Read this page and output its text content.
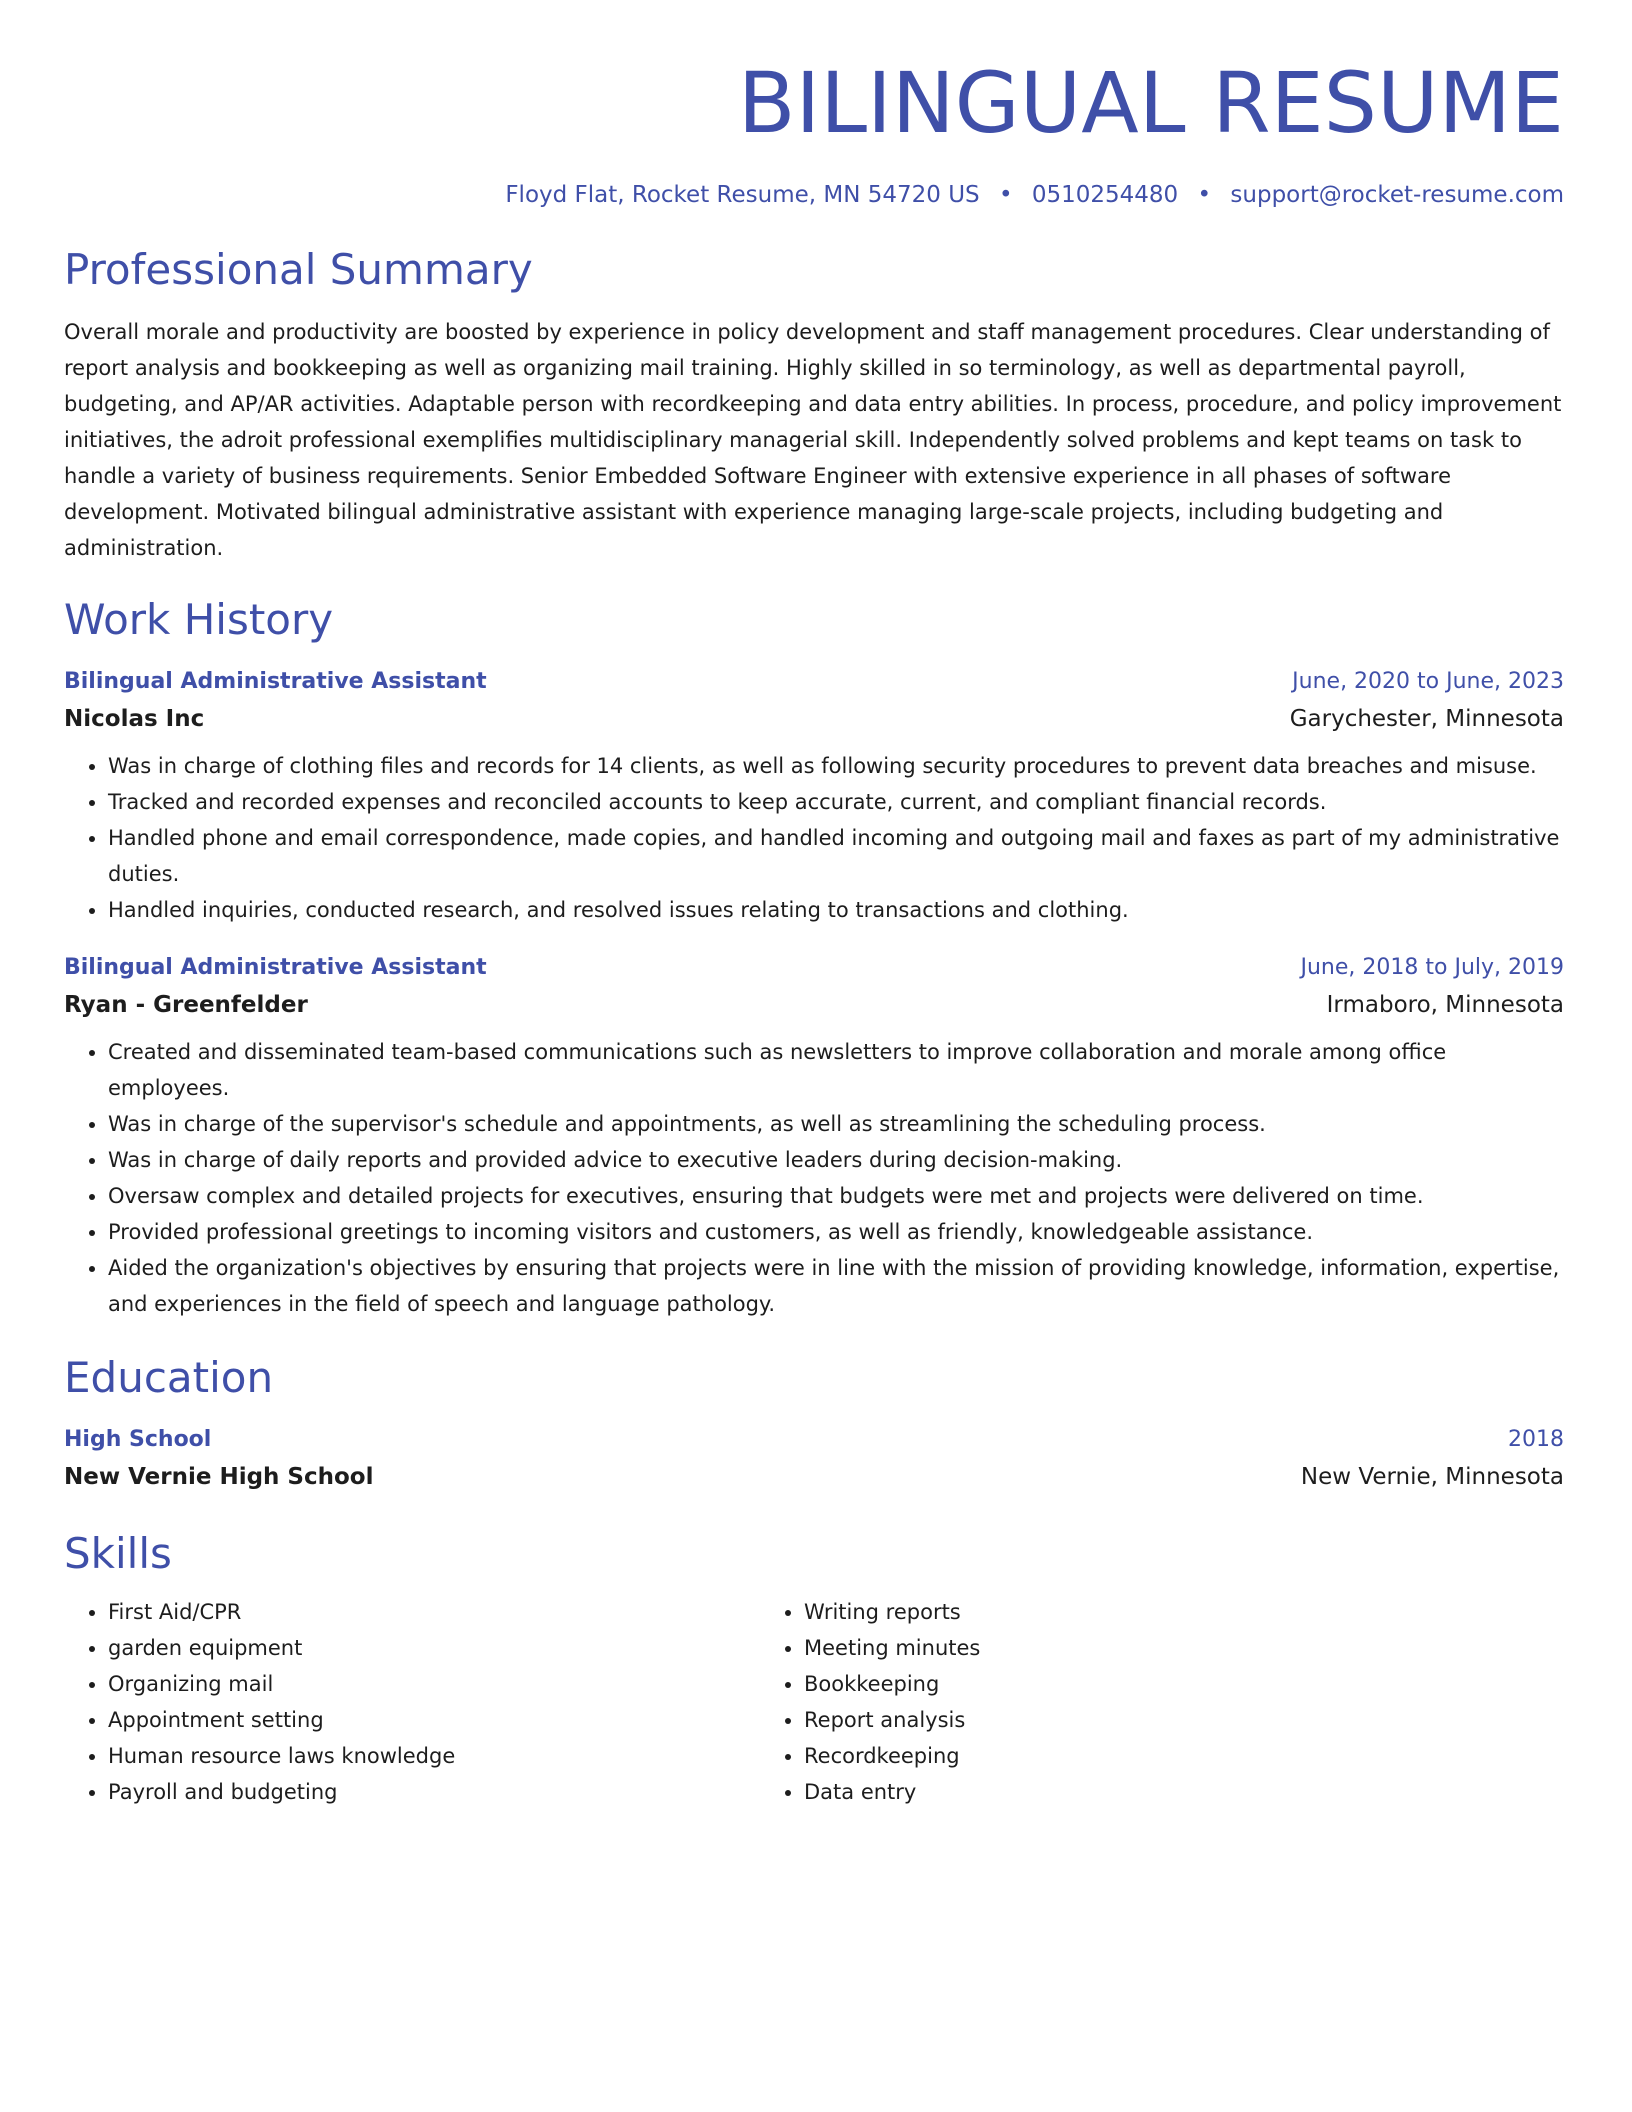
BILINGUAL RESUME
Floyd Flat, Rocket Resume, MN 54720 US • 0510254480 • support@rocket-resume.com
Professional Summary

Overall morale and productivity are boosted by experience in policy development and staff management procedures. Clear understanding of report analysis and bookkeeping as well as organizing mail training. Highly skilled in so terminology, as well as departmental payroll, budgeting, and AP/AR activities. Adaptable person with recordkeeping and data entry abilities. In process, procedure, and policy improvement initiatives, the adroit professional exemplifies multidisciplinary managerial skill. Independently solved problems and kept teams on task to handle a variety of business requirements. Senior Embedded Software Engineer with extensive experience in all phases of software development. Motivated bilingual administrative assistant with experience managing large-scale projects, including budgeting and administration.

Work History
Bilingual Administrative Assistant	June, 2020 to June, 2023
Nicolas Inc	Garychester, Minnesota
• Was in charge of clothing files and records for 14 clients, as well as following security procedures to prevent data breaches and misuse.
• Tracked and recorded expenses and reconciled accounts to keep accurate, current, and compliant financial records.
• Handled phone and email correspondence, made copies, and handled incoming and outgoing mail and faxes as part of my administrative duties.
• Handled inquiries, conducted research, and resolved issues relating to transactions and clothing.
Bilingual Administrative Assistant	June, 2018 to July, 2019
Ryan - Greenfelder	Irmaboro, Minnesota
• Created and disseminated team-based communications such as newsletters to improve collaboration and morale among office employees.
• Was in charge of the supervisor's schedule and appointments, as well as streamlining the scheduling process.
• Was in charge of daily reports and provided advice to executive leaders during decision-making.
• Oversaw complex and detailed projects for executives, ensuring that budgets were met and projects were delivered on time.
• Provided professional greetings to incoming visitors and customers, as well as friendly, knowledgeable assistance.
• Aided the organization's objectives by ensuring that projects were in line with the mission of providing knowledge, information, expertise, and experiences in the field of speech and language pathology.
Education
High School	2018
New Vernie High School	New Vernie, Minnesota
Skills
• First Aid/CPR
• garden equipment
• Organizing mail
• Appointment setting
• Human resource laws knowledge
• Payroll and budgeting
• Writing reports
• Meeting minutes
• Bookkeeping
• Report analysis
• Recordkeeping
• Data entry
